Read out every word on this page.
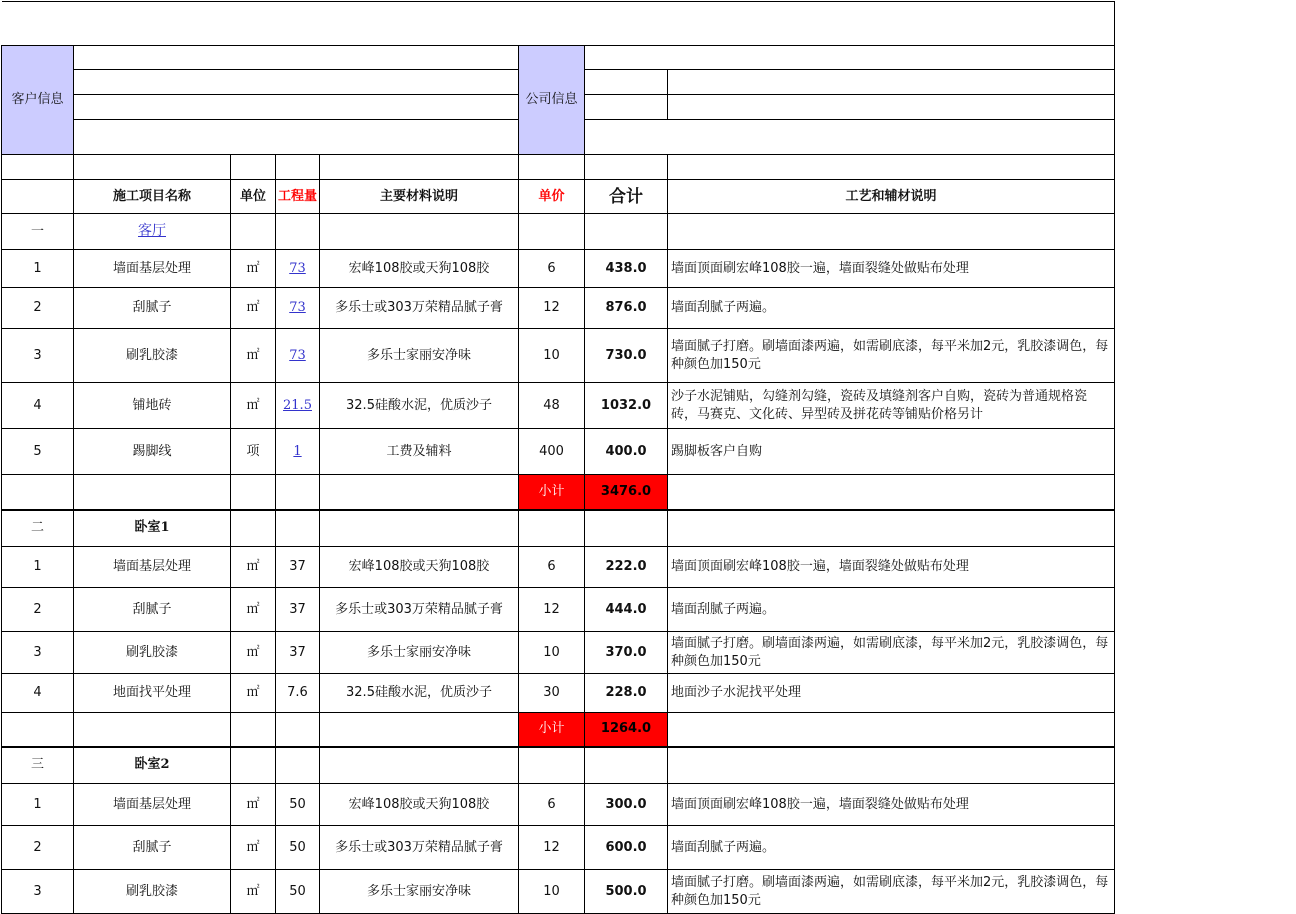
客户信息					公司信息		

	施工项目名称	单位	工程量	主要材料说明	单价	合计	工艺和辅材说明
一	客厅						
1	墙面基层处理	㎡	73	宏峰108胶或天狗108胶	6	438.0	墙面顶面刷宏峰108胶一遍，墙面裂缝处做贴布处理
2	刮腻子	㎡	73	多乐士或303万荣精品腻子膏	12	876.0	墙面刮腻子两遍。
3	刷乳胶漆	㎡	73	多乐士家丽安净味	10	730.0	墙面腻子打磨。刷墙面漆两遍，如需刷底漆，每平米加2元，乳胶漆调色，每种颜色加150元
4	铺地砖	㎡	21.5	32.5硅酸水泥，优质沙子	48	1032.0	沙子水泥铺贴，勾缝剂勾缝，瓷砖及填缝剂客户自购，瓷砖为普通规格瓷砖，马赛克、文化砖、异型砖及拼花砖等铺贴价格另计
5	踢脚线	项	1	工费及辅料	400	400.0	踢脚板客户自购
					小计	3476.0	
二	卧室1						
1	墙面基层处理	㎡	37	宏峰108胶或天狗108胶	6	222.0	墙面顶面刷宏峰108胶一遍，墙面裂缝处做贴布处理
2	刮腻子	㎡	37	多乐士或303万荣精品腻子膏	12	444.0	墙面刮腻子两遍。
3	刷乳胶漆	㎡	37	多乐士家丽安净味	10	370.0	墙面腻子打磨。刷墙面漆两遍，如需刷底漆，每平米加2元，乳胶漆调色，每种颜色加150元
4	地面找平处理	㎡	7.6	32.5硅酸水泥，优质沙子	30	228.0	地面沙子水泥找平处理
					小计	1264.0	
三	卧室2						
1	墙面基层处理	㎡	50	宏峰108胶或天狗108胶	6	300.0	墙面顶面刷宏峰108胶一遍，墙面裂缝处做贴布处理
2	刮腻子	㎡	50	多乐士或303万荣精品腻子膏	12	600.0	墙面刮腻子两遍。
3	刷乳胶漆	㎡	50	多乐士家丽安净味	10	500.0	墙面腻子打磨。刷墙面漆两遍，如需刷底漆，每平米加2元，乳胶漆调色，每种颜色加150元
